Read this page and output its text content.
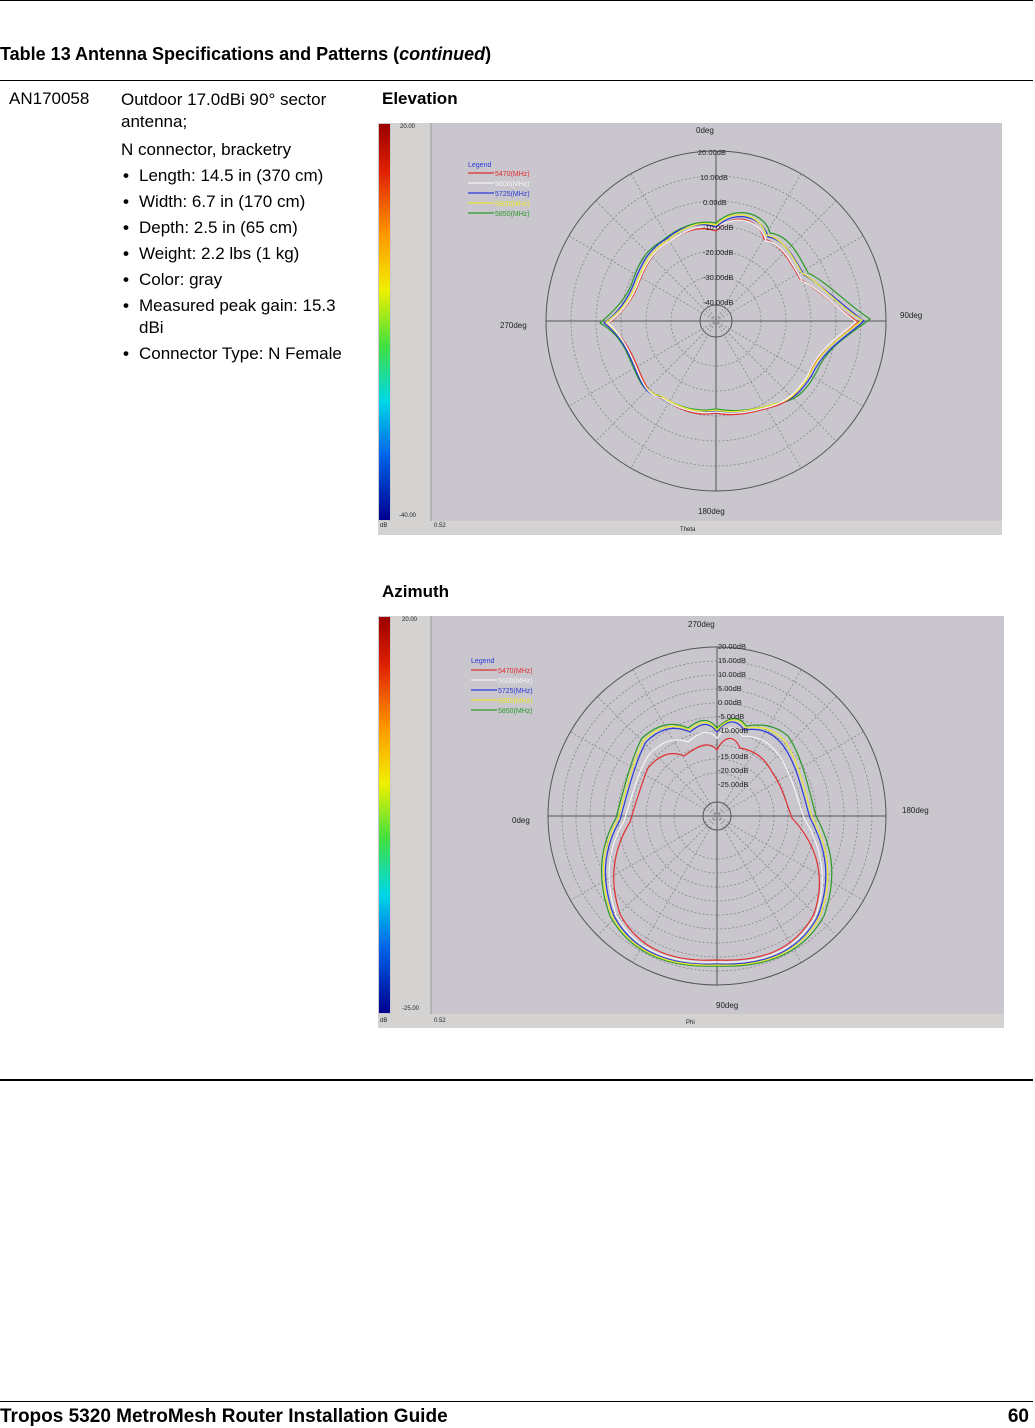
Table 13 Antenna Specifications and Patterns (continued)
AN170058 Outdoor 17.0dBi 90° sector antenna;

N connector, bracketry

• Length: 14.5 in (370 cm)
• Width: 6.7 in (170 cm)
• Depth: 2.5 in (65 cm)
• Weight: 2.2 lbs (1 kg)
• Color: gray
• Measured peak gain: 15.3 dBi
• Connector Type: N Female
Elevation
20.00
-40.00
dB	0.52
Theta
20.00dB
10.00dB
0.00dB
-10.00dB
-20.00dB
-30.00dB
-40.00dB
0deg
90deg
180deg
270deg
Legend
5470(MHz)
5600(MHz)
5725(MHz)
5800(MHz)
5850(MHz)
Azimuth
20.00
-25.00
dB	0.52	Phi
20.00dB
15.00dB
10.00dB
5.00dB
0.00dB
-5.00dB
-10.00dB
-15.00dB
-20.00dB
-25.00dB
270deg
180deg
90deg
0deg
Legend
5470(MHz)
5600(MHz)
5725(MHz)
5800(MHz)
5850(MHz)
Tropos 5320 MetroMesh Router Installation Guide	60
